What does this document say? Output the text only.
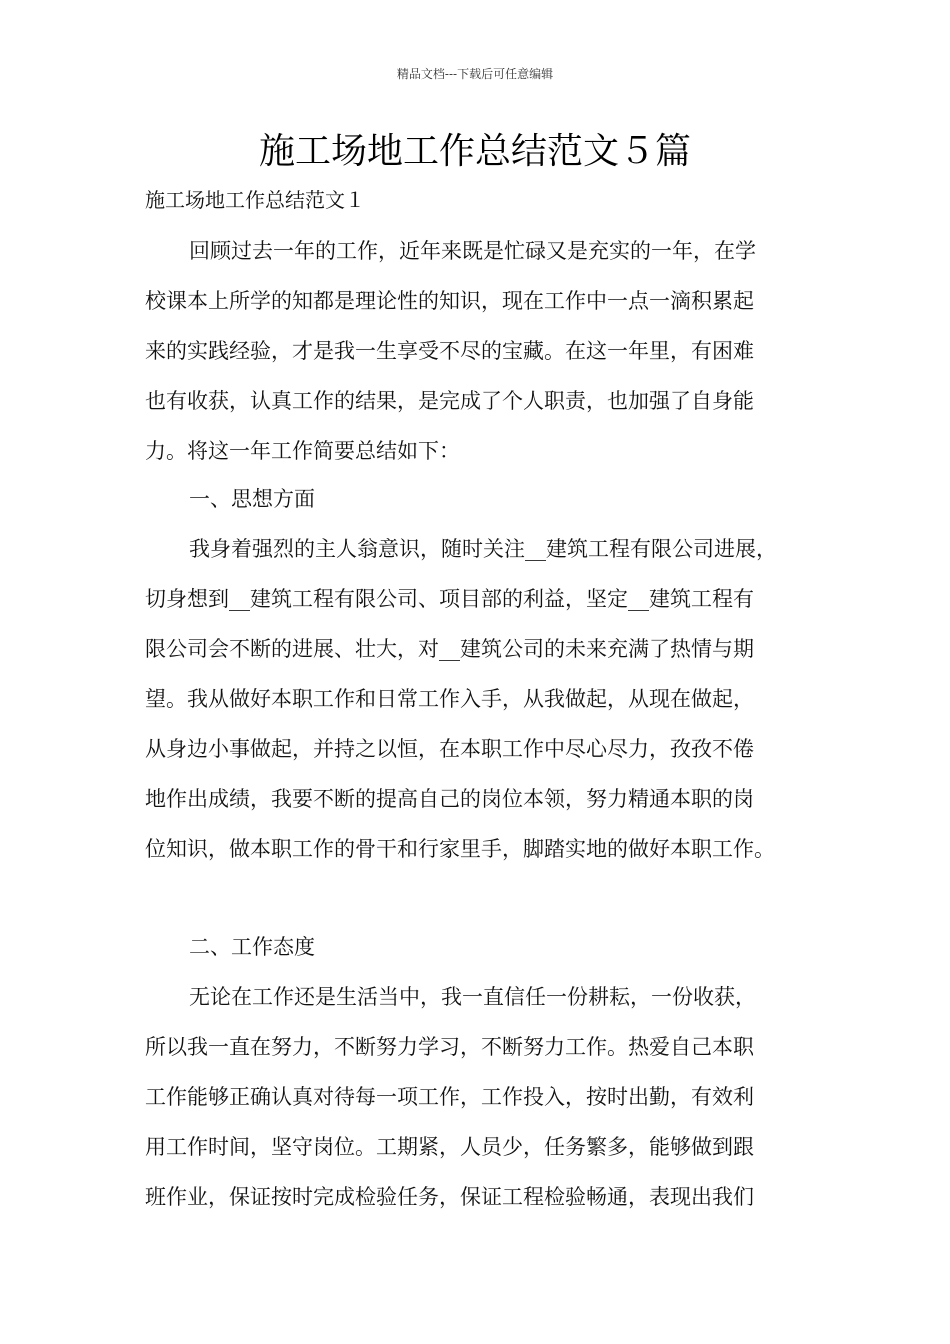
精品文档---下载后可任意编辑
施工场地工作总结范文５篇
施工场地工作总结范文１
回顾过去一年的工作，近年来既是忙碌又是充实的一年，在学
校课本上所学的知都是理论性的知识，现在工作中一点一滴积累起
来的实践经验，才是我一生享受不尽的宝藏。在这一年里，有困难
也有收获，认真工作的结果，是完成了个人职责，也加强了自身能
力。将这一年工作简要总结如下：
一、思想方面
我身着强烈的主人翁意识，随时关注__建筑工程有限公司进展，
切身想到__建筑工程有限公司、项目部的利益，坚定__建筑工程有
限公司会不断的进展、壮大，对__建筑公司的未来充满了热情与期
望。我从做好本职工作和日常工作入手，从我做起，从现在做起，
从身边小事做起，并持之以恒，在本职工作中尽心尽力，孜孜不倦
地作出成绩，我要不断的提高自己的岗位本领，努力精通本职的岗
位知识，做本职工作的骨干和行家里手，脚踏实地的做好本职工作。
二、工作态度
无论在工作还是生活当中，我一直信任一份耕耘，一份收获，
所以我一直在努力，不断努力学习，不断努力工作。热爱自己本职
工作能够正确认真对待每一项工作，工作投入，按时出勤，有效利
用工作时间，坚守岗位。工期紧，人员少，任务繁多，能够做到跟
班作业，保证按时完成检验任务，保证工程检验畅通，表现出我们
